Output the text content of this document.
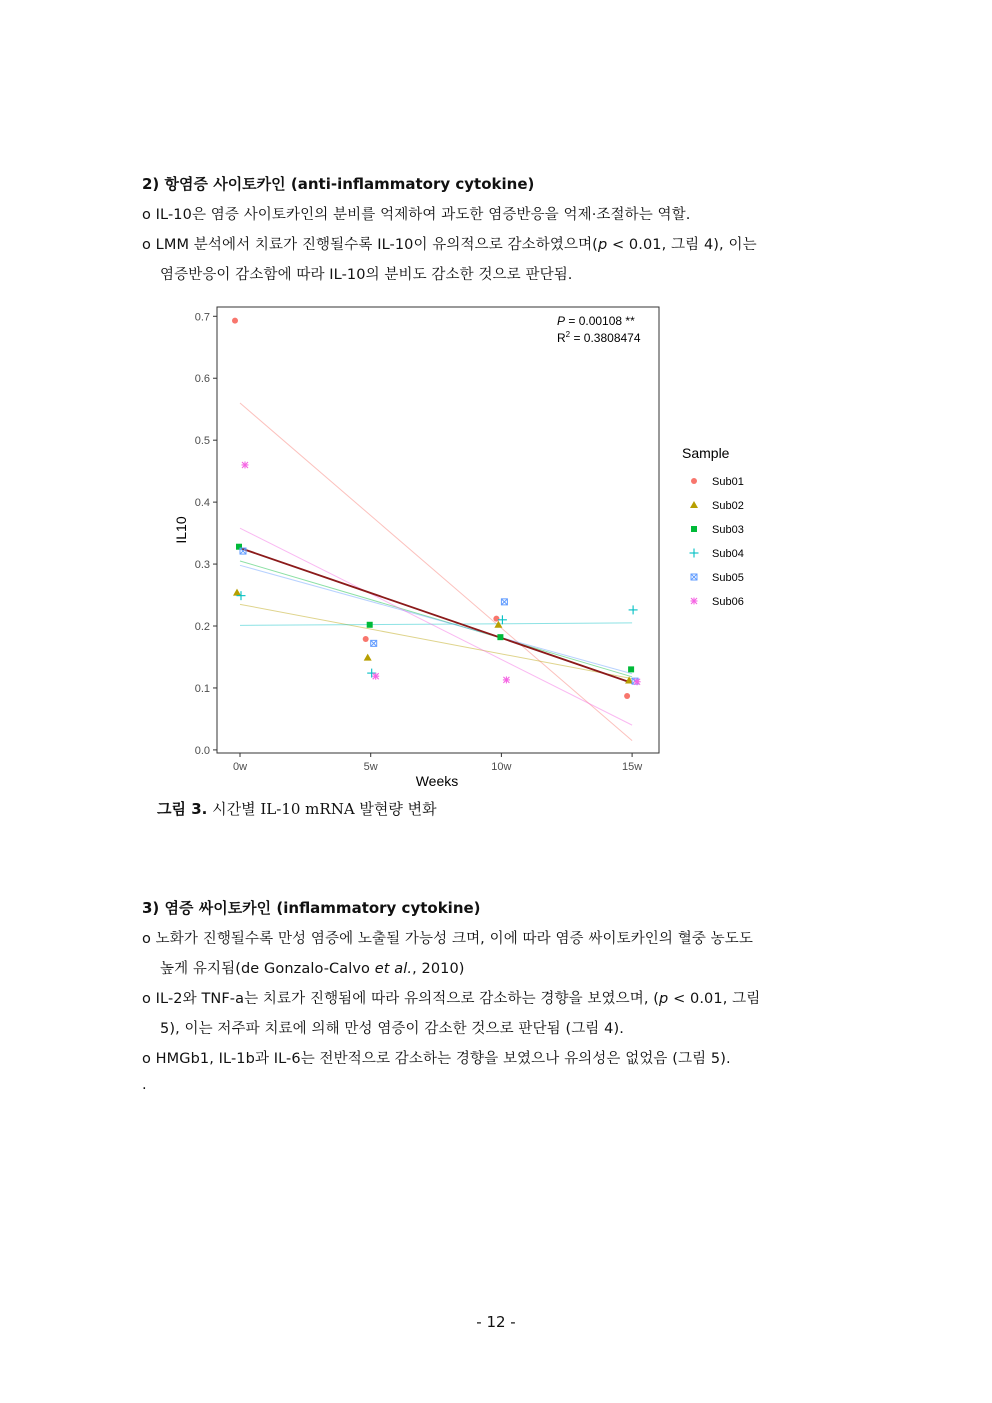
2) 항염증 사이토카인 (anti-inflammatory cytokine)
o IL-10은 염증 사이토카인의 분비를 억제하여 과도한 염증반응을 억제·조절하는 역할.
o LMM 분석에서 치료가 진행될수록 IL-10이 유의적으로 감소하였으며(p < 0.01, 그림 4), 이는
염증반응이 감소함에 따라 IL-10의 분비도 감소한 것으로 판단됨.
0.0
0.1
0.2
0.3
0.4
0.5
0.6
0.7
0w	5w	10w	15w
IL10
Weeks
P = 0.00108 **
$R^2 = 0.3808474$
Sample
Sub01
Sub02
Sub03
Sub04
Sub05
Sub06
그림 3. 시간별 IL-10 mRNA 발현량 변화
3) 염증 싸이토카인 (inflammatory cytokine)
o 노화가 진행될수록 만성 염증에 노출될 가능성 크며, 이에 따라 염증 싸이토카인의 혈중 농도도
높게 유지됨(de Gonzalo-Calvo et al., 2010)
o IL-2와 TNF-a는 치료가 진행됨에 따라 유의적으로 감소하는 경향을 보였으며, (p < 0.01, 그림
5), 이는 저주파 치료에 의해 만성 염증이 감소한 것으로 판단됨 (그림 4).
o HMGb1, IL-1b과 IL-6는 전반적으로 감소하는 경향을 보였으나 유의성은 없었음 (그림 5).
.
- 12 -
